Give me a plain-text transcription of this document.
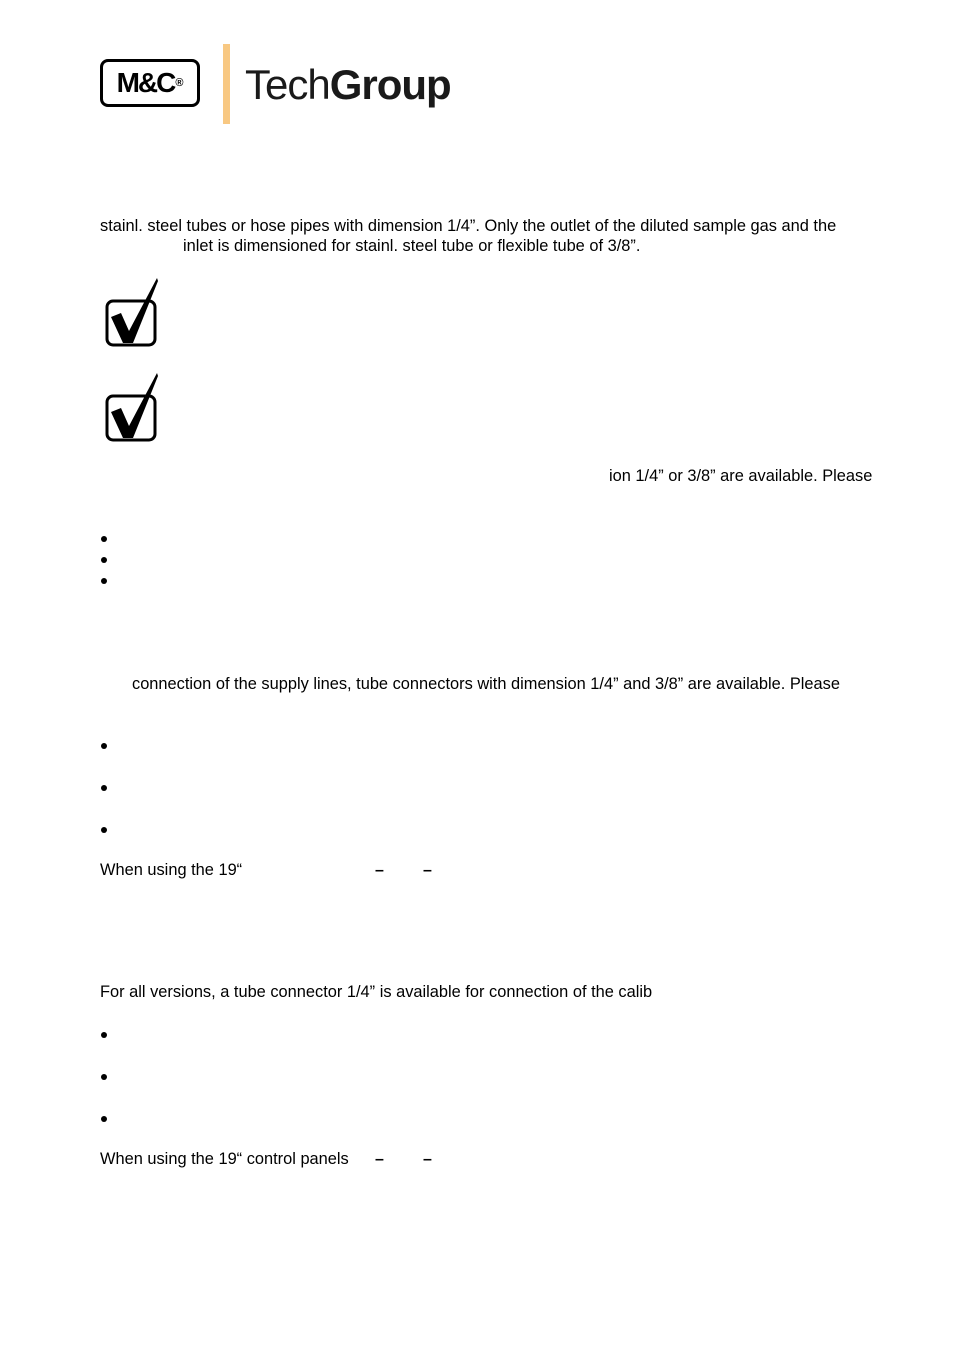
M&C ® TechGroup
stainl. steel tubes or hose pipes with dimension 1/4”. Only the outlet of the diluted sample gas and the
inlet is dimensioned for stainl. steel tube or flexible tube of 3/8”.
ion 1/4” or 3/8” are available. Please
connection of the supply lines, tube connectors with dimension 1/4” and 3/8” are available. Please
When using the 19“	– –
For all versions, a tube connector 1/4” is available for connection of the calib
When using the 19“ control panels – –
